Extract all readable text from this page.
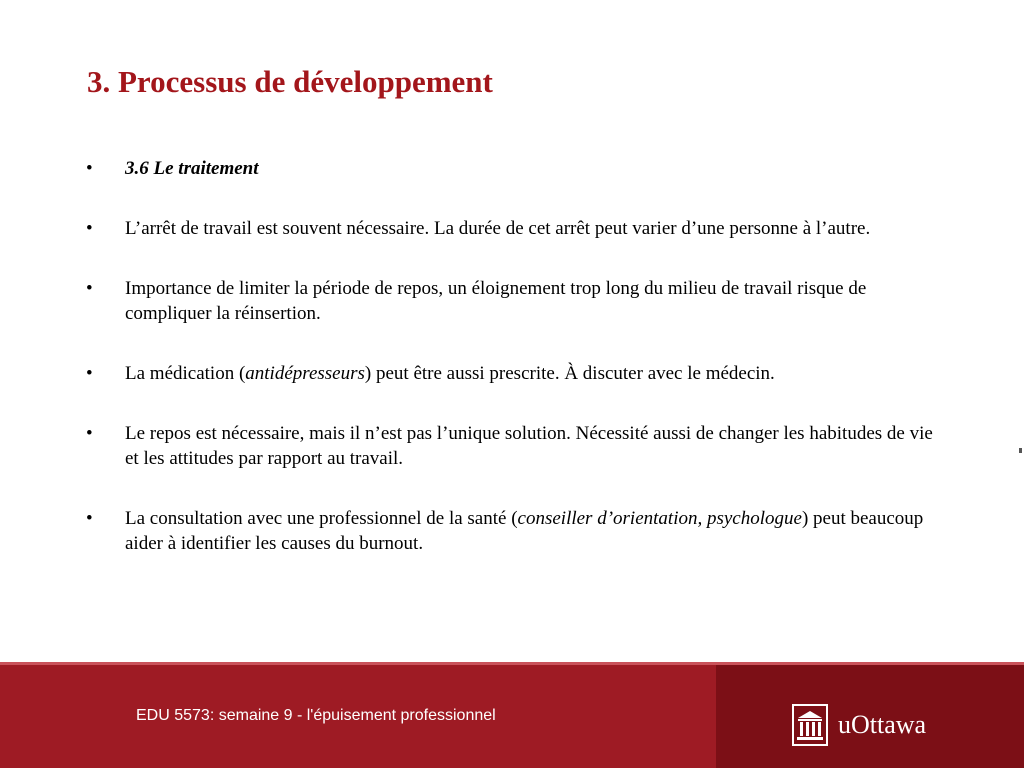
3. Processus de développement
• 3.6 Le traitement
• L’arrêt de travail est souvent nécessaire. La durée de cet arrêt peut varier d’une personne à l’autre.
• Importance de limiter la période de repos, un éloignement trop long du milieu de travail risque de compliquer la réinsertion.
• La médication (antidépresseurs) peut être aussi prescrite. À discuter avec le médecin.
• Le repos est nécessaire, mais il n’est pas l’unique solution. Nécessité aussi de changer les habitudes de vie et les attitudes par rapport au travail.
• La consultation avec une professionnel de la santé (conseiller d’orientation, psychologue) peut beaucoup aider à identifier les causes du burnout.
EDU 5573: semaine 9 - l'épuisement professionnel	uOttawa
